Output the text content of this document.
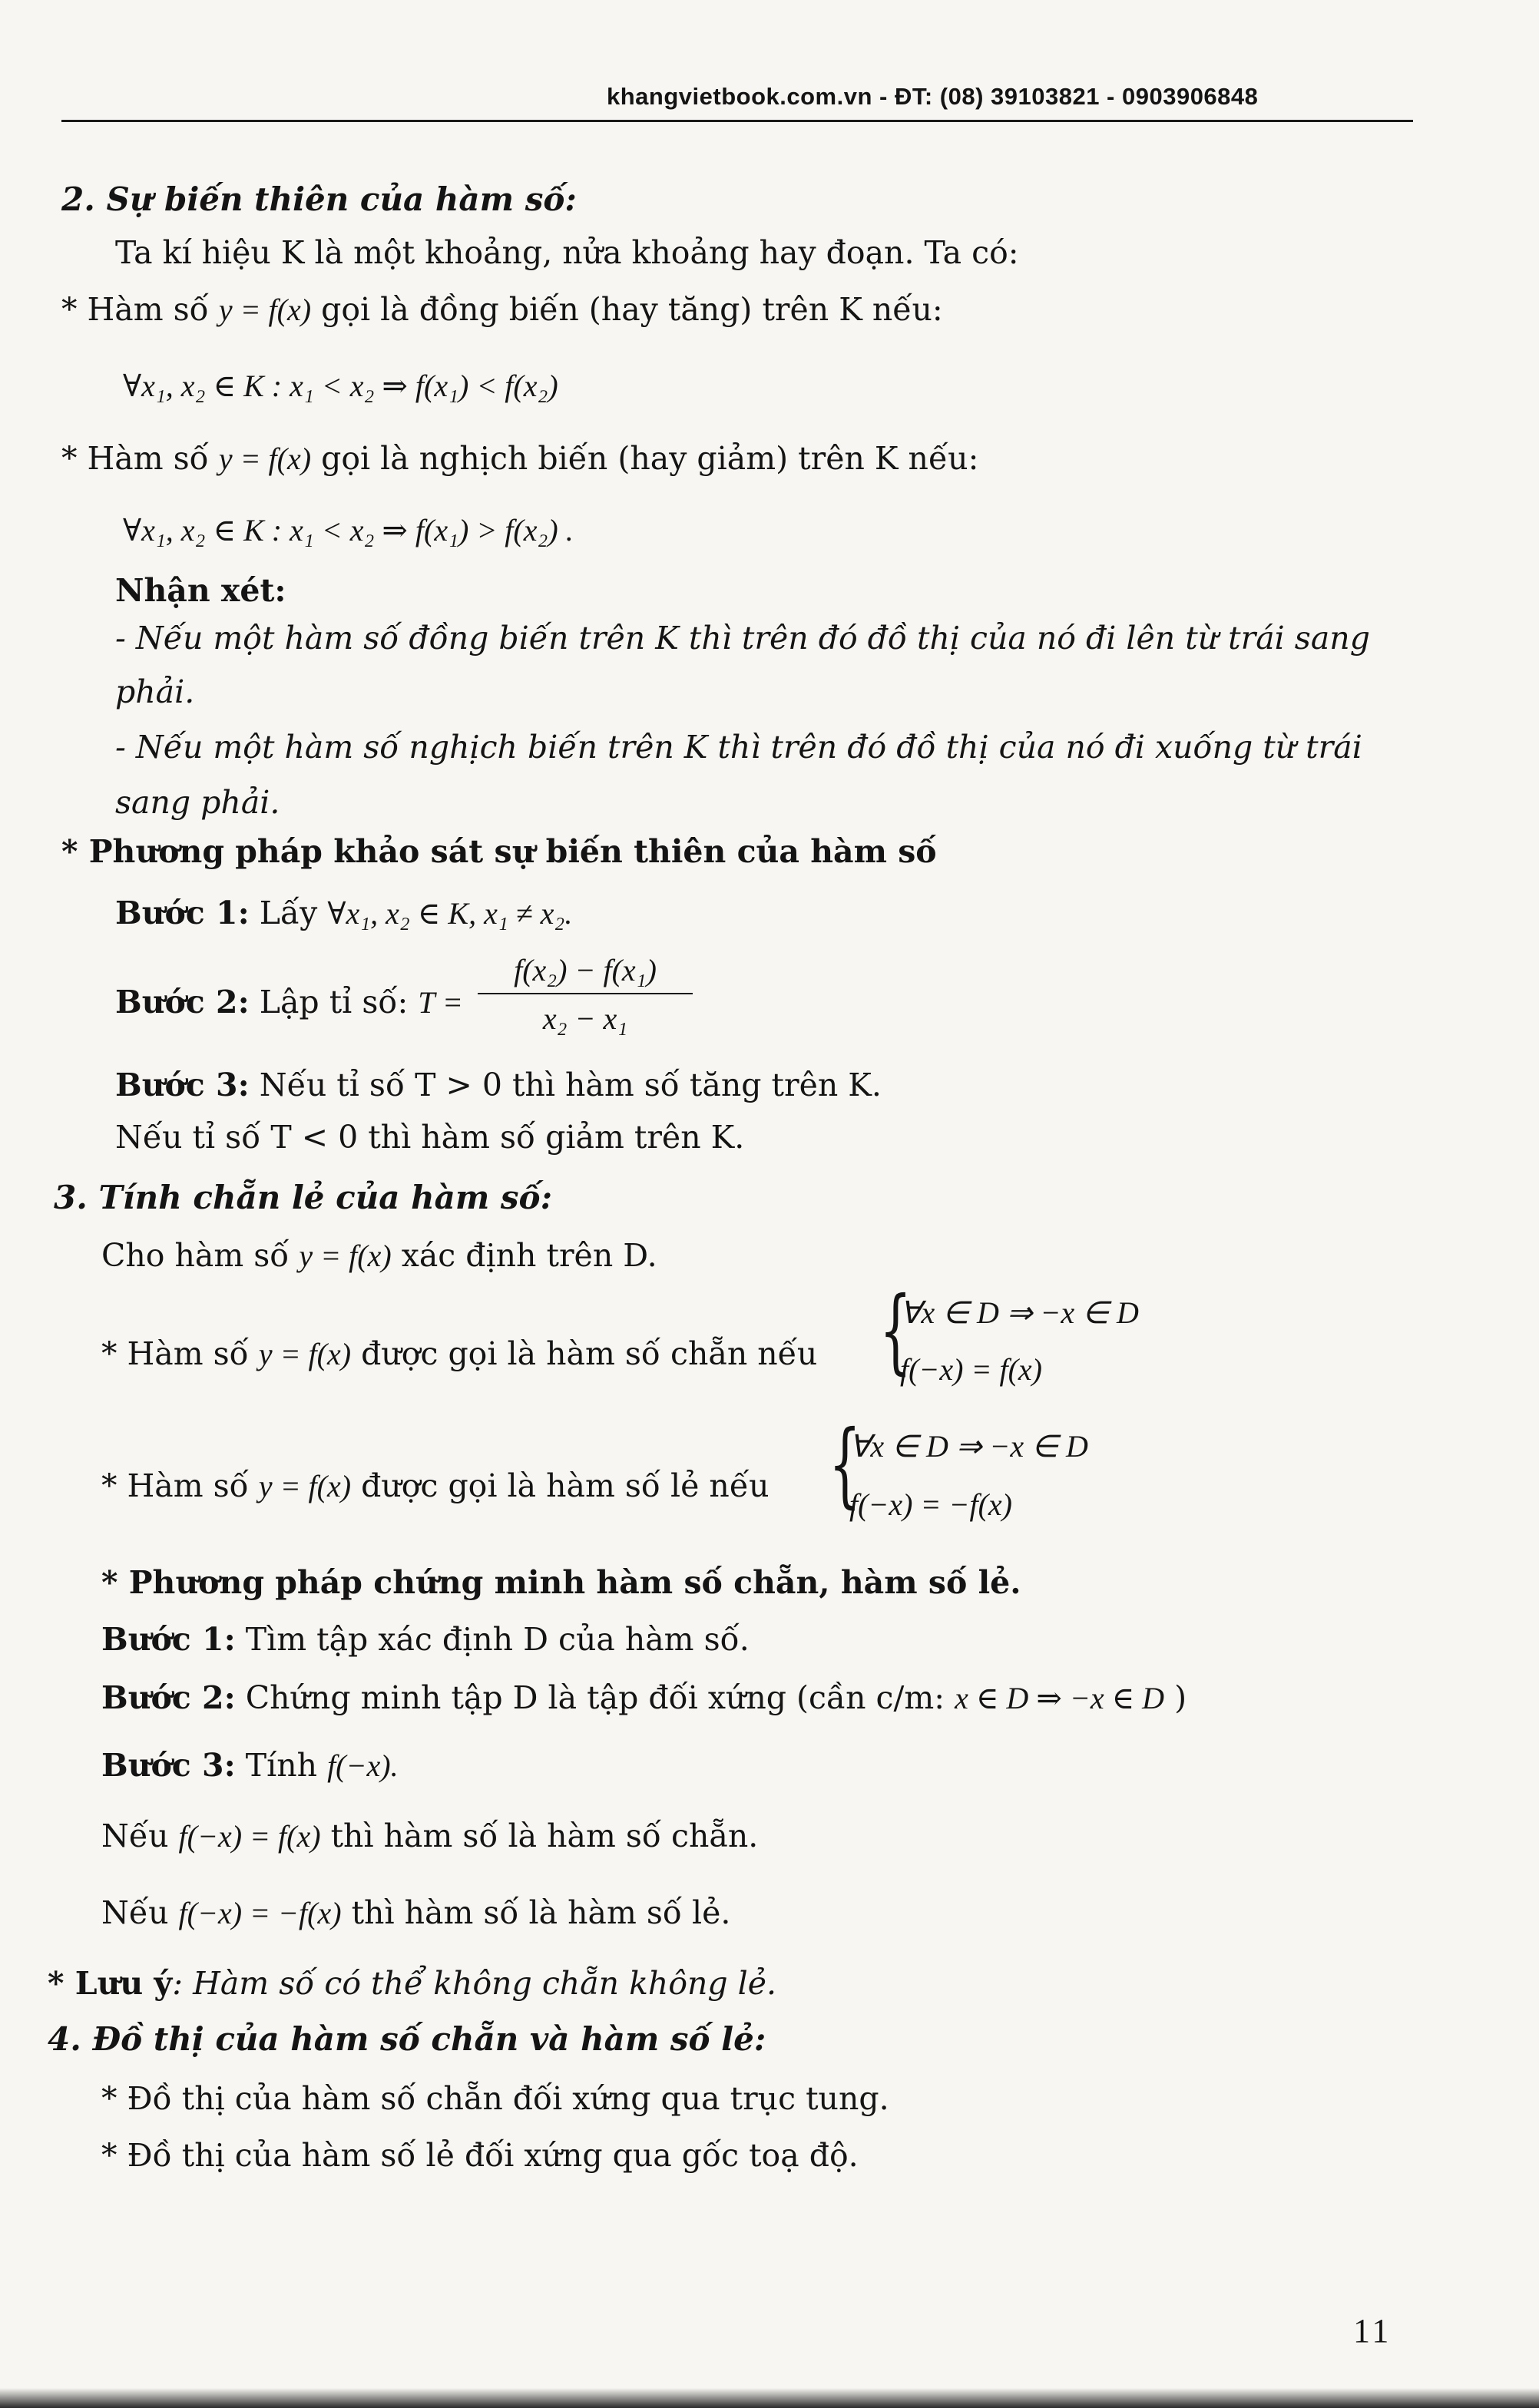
khangvietbook.com.vn - ĐT: (08) 39103821 - 0903906848
2. Sự biến thiên của hàm số:
Ta kí hiệu K là một khoảng, nửa khoảng hay đoạn. Ta có:
* Hàm số y = f(x) gọi là đồng biến (hay tăng) trên K nếu:
∀x₁, x₂ ∈ K : x₁ < x₂ ⇒ f(x₁) < f(x₂)
* Hàm số y = f(x) gọi là nghịch biến (hay giảm) trên K nếu:
∀x₁, x₂ ∈ K : x₁ < x₂ ⇒ f(x₁) > f(x₂) .
Nhận xét:
- Nếu một hàm số đồng biến trên K thì trên đó đồ thị của nó đi lên từ trái sang
phải.
- Nếu một hàm số nghịch biến trên K thì trên đó đồ thị của nó đi xuống từ trái
sang phải.
* Phương pháp khảo sát sự biến thiên của hàm số
Bước 1: Lấy ∀x₁, x₂ ∈ K, x₁ ≠ x₂.
Bước 2: Lập tỉ số: $T = \frac{\text{f(x₂) − f(x₁)}}{\text{x₂ − x₁}}$
Bước 3: Nếu tỉ số T > 0 thì hàm số tăng trên K.
Nếu tỉ số T < 0 thì hàm số giảm trên K.
3. Tính chẵn lẻ của hàm số:
Cho hàm số y = f(x) xác định trên D.
* Hàm số y = f(x) được gọi là hàm số chẵn nếu {
∀x ∈ D ⇒ −x ∈ D
f(−x) = f(x)
* Hàm số y = f(x) được gọi là hàm số lẻ nếu {
∀x ∈ D ⇒ −x ∈ D
f(−x) = −f(x)
* Phương pháp chứng minh hàm số chẵn, hàm số lẻ.
Bước 1: Tìm tập xác định D của hàm số.
Bước 2: Chứng minh tập D là tập đối xứng (cần c/m: x ∈ D ⇒ −x ∈ D )
Bước 3: Tính f(−x).
Nếu f(−x) = f(x) thì hàm số là hàm số chẵn.
Nếu f(−x) = −f(x) thì hàm số là hàm số lẻ.
* Lưu ý: Hàm số có thể không chẵn không lẻ.
4. Đồ thị của hàm số chẵn và hàm số lẻ:
* Đồ thị của hàm số chẵn đối xứng qua trục tung.
* Đồ thị của hàm số lẻ đối xứng qua gốc toạ độ.
11
